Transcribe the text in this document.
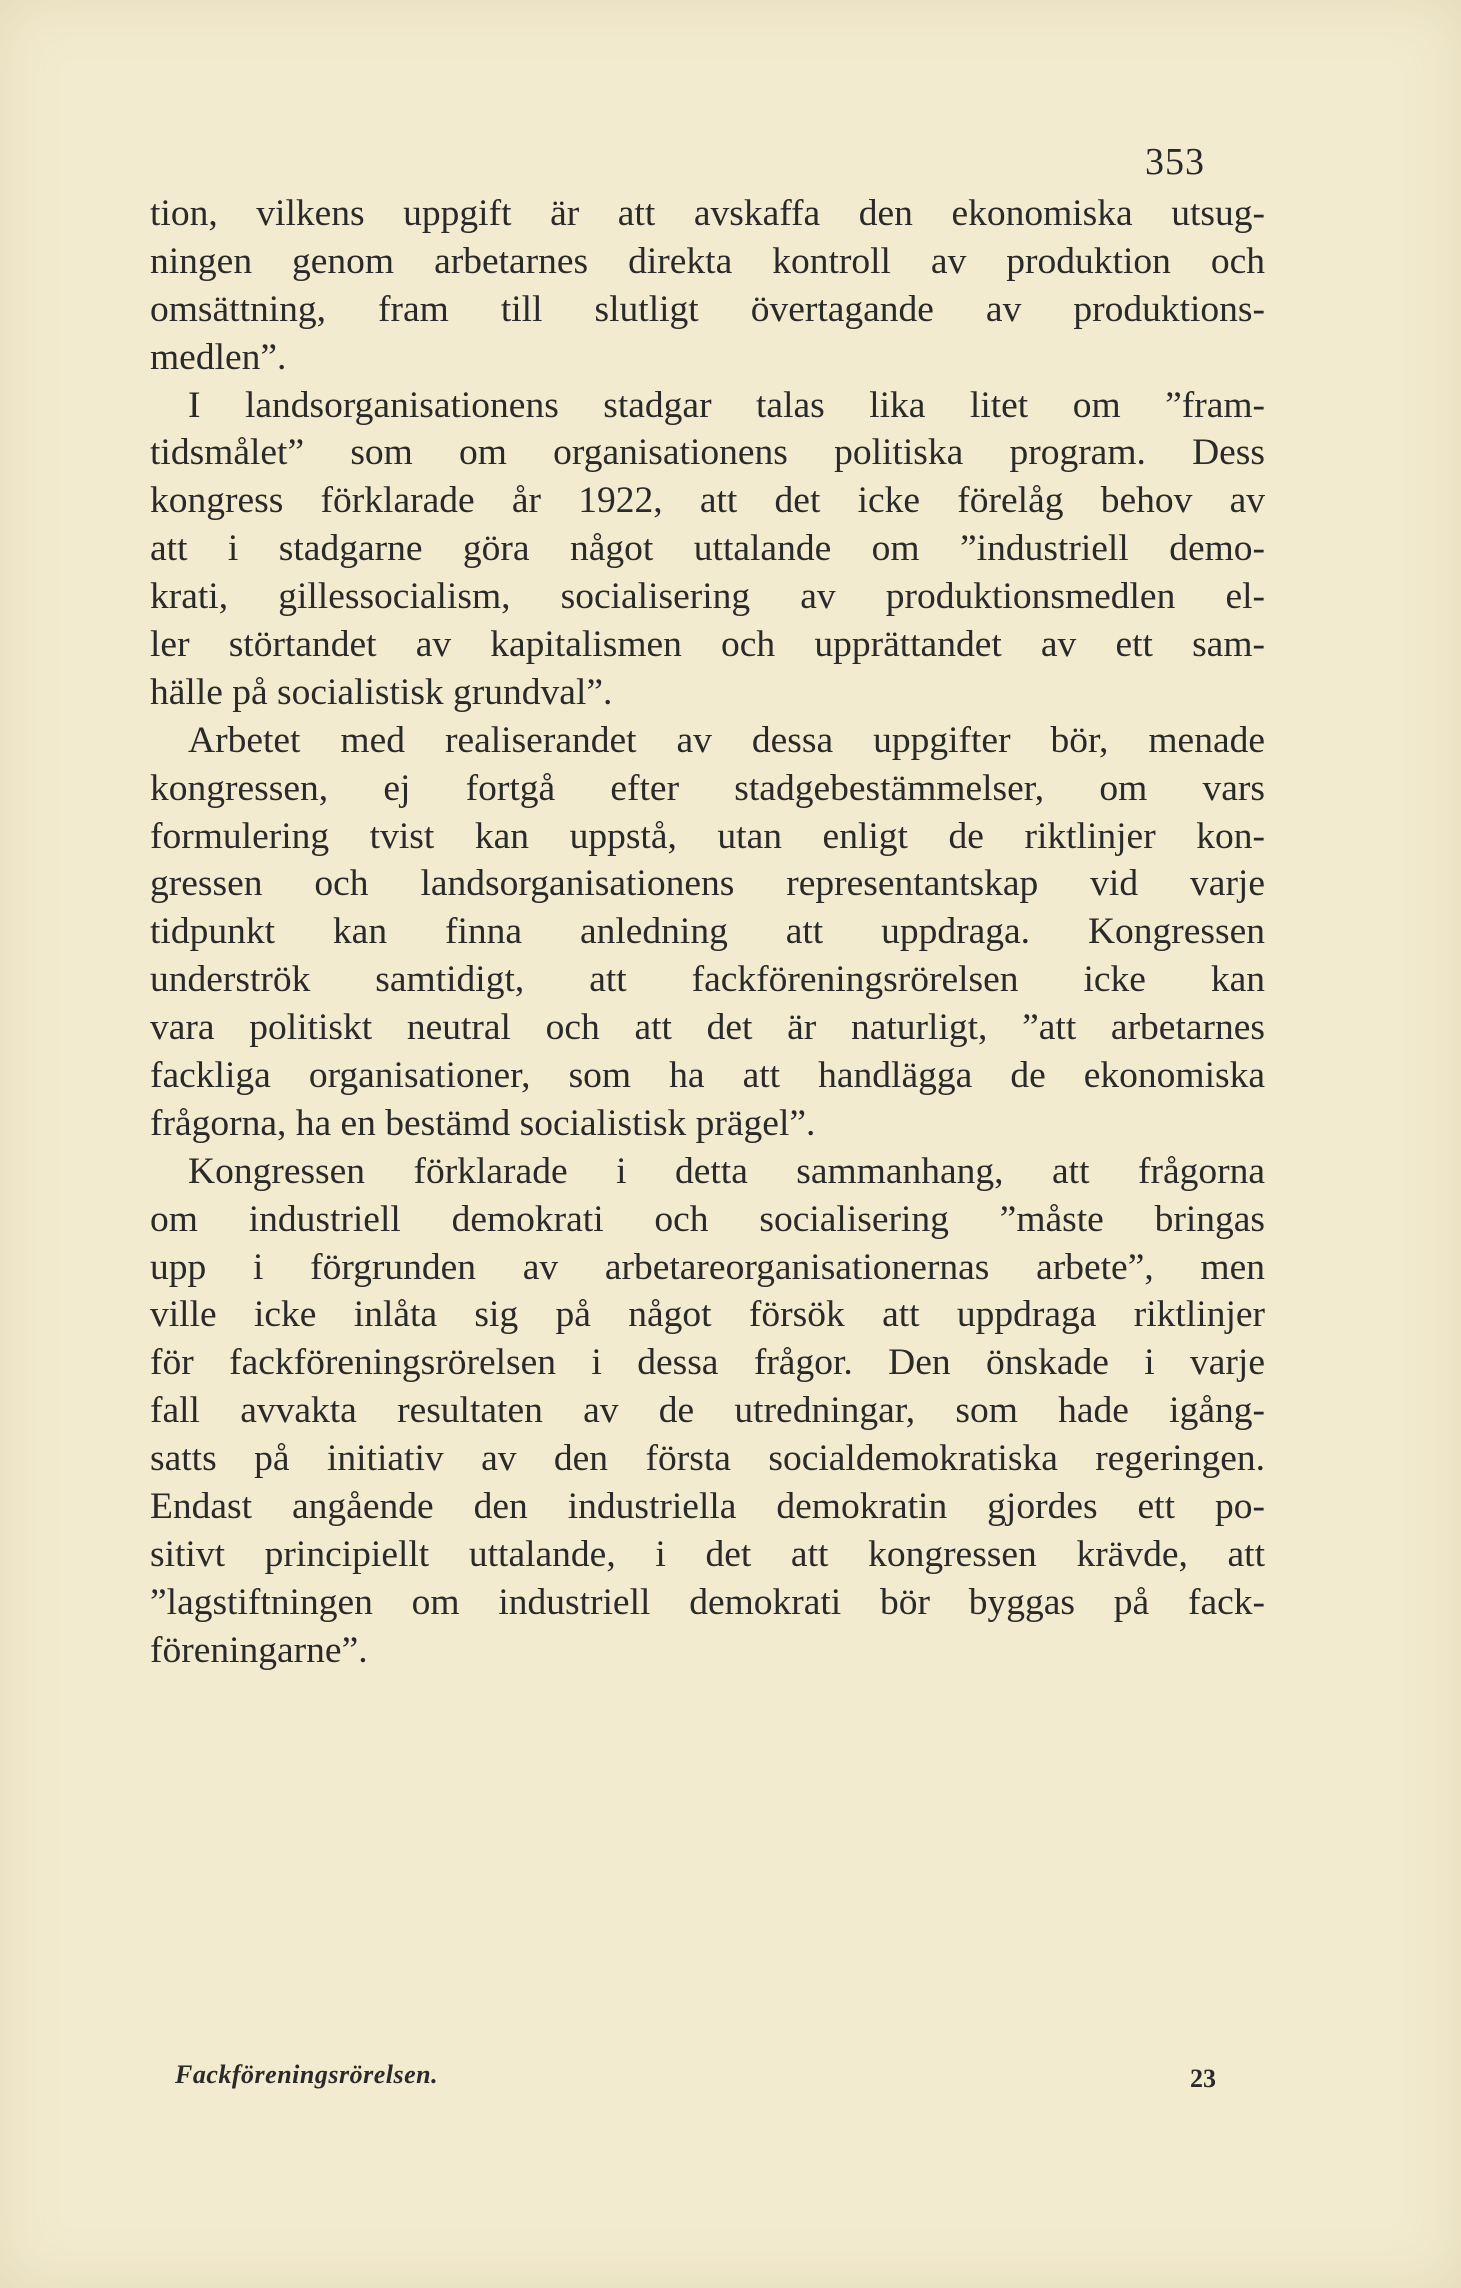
353
tion, vilkens uppgift är att avskaffa den ekonomiska utsug-
ningen genom arbetarnes direkta kontroll av produktion och
omsättning, fram till slutligt övertagande av produktions-
medlen”.
I landsorganisationens stadgar talas lika litet om ”fram-
tidsmålet” som om organisationens politiska program. Dess
kongress förklarade år 1922, att det icke förelåg behov av
att i stadgarne göra något uttalande om ”industriell demo-
krati, gillessocialism, socialisering av produktionsmedlen el-
ler störtandet av kapitalismen och upprättandet av ett sam-
hälle på socialistisk grundval”.
Arbetet med realiserandet av dessa uppgifter bör, menade
kongressen, ej fortgå efter stadgebestämmelser, om vars
formulering tvist kan uppstå, utan enligt de riktlinjer kon-
gressen och landsorganisationens representantskap vid varje
tidpunkt kan finna anledning att uppdraga. Kongressen
underströk samtidigt, att fackföreningsrörelsen icke kan
vara politiskt neutral och att det är naturligt, ”att arbetarnes
fackliga organisationer, som ha att handlägga de ekonomiska
frågorna, ha en bestämd socialistisk prägel”.
Kongressen förklarade i detta sammanhang, att frågorna
om industriell demokrati och socialisering ”måste bringas
upp i förgrunden av arbetareorganisationernas arbete”, men
ville icke inlåta sig på något försök att uppdraga riktlinjer
för fackföreningsrörelsen i dessa frågor. Den önskade i varje
fall avvakta resultaten av de utredningar, som hade igång-
satts på initiativ av den första socialdemokratiska regeringen.
Endast angående den industriella demokratin gjordes ett po-
sitivt principiellt uttalande, i det att kongressen krävde, att
”lagstiftningen om industriell demokrati bör byggas på fack-
föreningarne”.
Fackföreningsrörelsen.	23
